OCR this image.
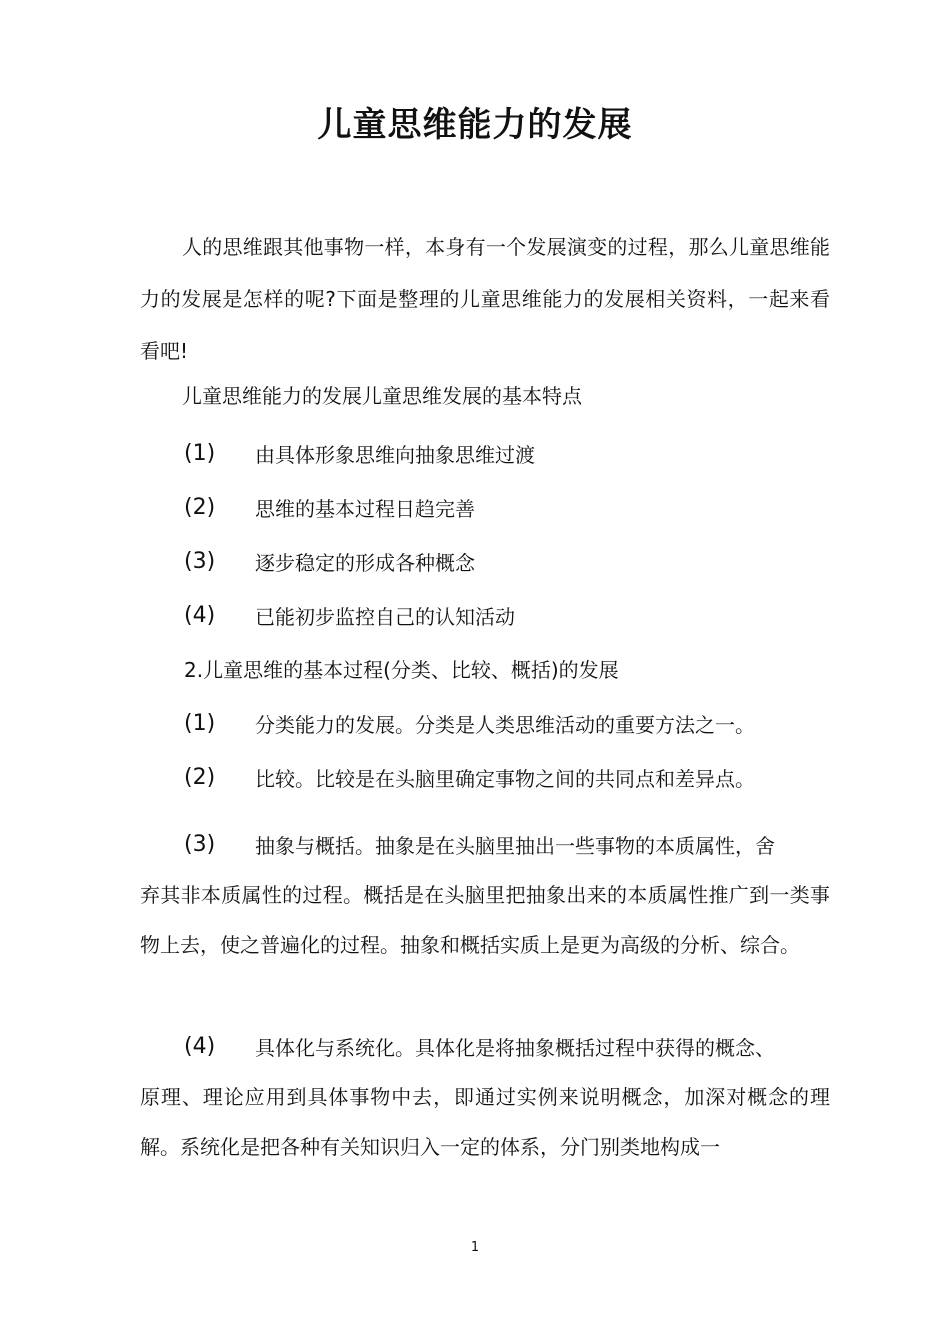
儿童思维能力的发展
人的思维跟其他事物一样，本身有一个发展演变的过程，那么儿童思维能力的发展是怎样的呢?下面是整理的儿童思维能力的发展相关资料，一起来看看吧!
儿童思维能力的发展儿童思维发展的基本特点
(1) 由具体形象思维向抽象思维过渡
(2) 思维的基本过程日趋完善
(3) 逐步稳定的形成各种概念
(4) 已能初步监控自己的认知活动
2.儿童思维的基本过程(分类、比较、概括)的发展
(1) 分类能力的发展。分类是人类思维活动的重要方法之一。
(2) 比较。比较是在头脑里确定事物之间的共同点和差异点。
(3) 抽象与概括。抽象是在头脑里抽出一些事物的本质属性，舍
弃其非本质属性的过程。概括是在头脑里把抽象出来的本质属性推广到一类事物上去，使之普遍化的过程。抽象和概括实质上是更为高级的分析、综合。
(4) 具体化与系统化。具体化是将抽象概括过程中获得的概念、
原理、理论应用到具体事物中去，即通过实例来说明概念，加深对概念的理解。系统化是把各种有关知识归入一定的体系，分门别类地构成一
1
